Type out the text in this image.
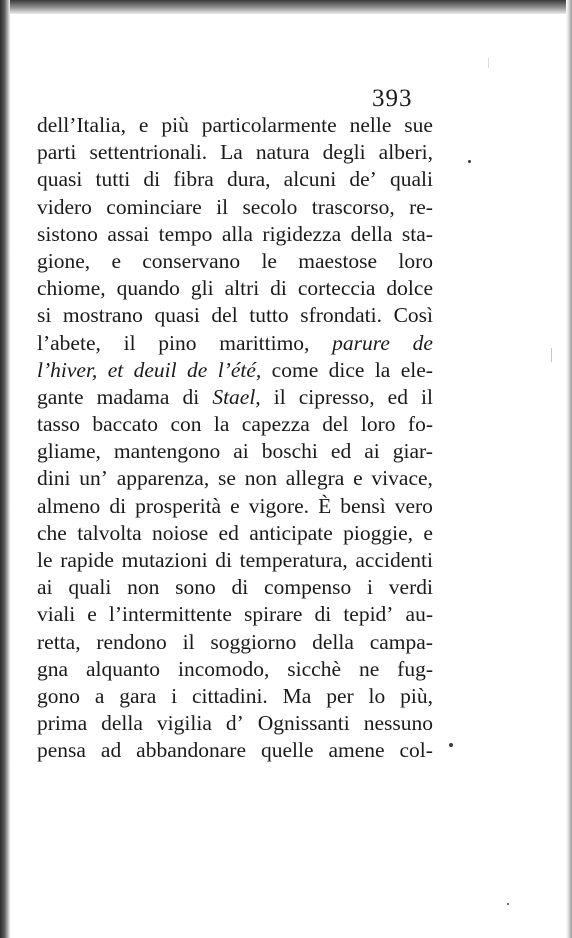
393
dell’Italia, e più particolarmente nelle sue
parti settentrionali. La natura degli alberi,
quasi tutti di fibra dura, alcuni de’ quali
videro cominciare il secolo trascorso, re-
sistono assai tempo alla rigidezza della sta-
gione, e conservano le maestose loro
chiome, quando gli altri di corteccia dolce
si mostrano quasi del tutto sfrondati. Così
l’abete, il pino marittimo, parure de
l’hiver, et deuil de l’été, come dice la ele-
gante madama di Stael, il cipresso, ed il
tasso baccato con la capezza del loro fo-
gliame, mantengono ai boschi ed ai giar-
dini un’ apparenza, se non allegra e vivace,
almeno di prosperità e vigore. È bensì vero
che talvolta noiose ed anticipate pioggie, e
le rapide mutazioni di temperatura, accidenti
ai quali non sono di compenso i verdi
viali e l’intermittente spirare di tepid’ au-
retta, rendono il soggiorno della campa-
gna alquanto incomodo, sicchè ne fug-
gono a gara i cittadini. Ma per lo più,
prima della vigilia d’ Ognissanti nessuno
pensa ad abbandonare quelle amene col-
